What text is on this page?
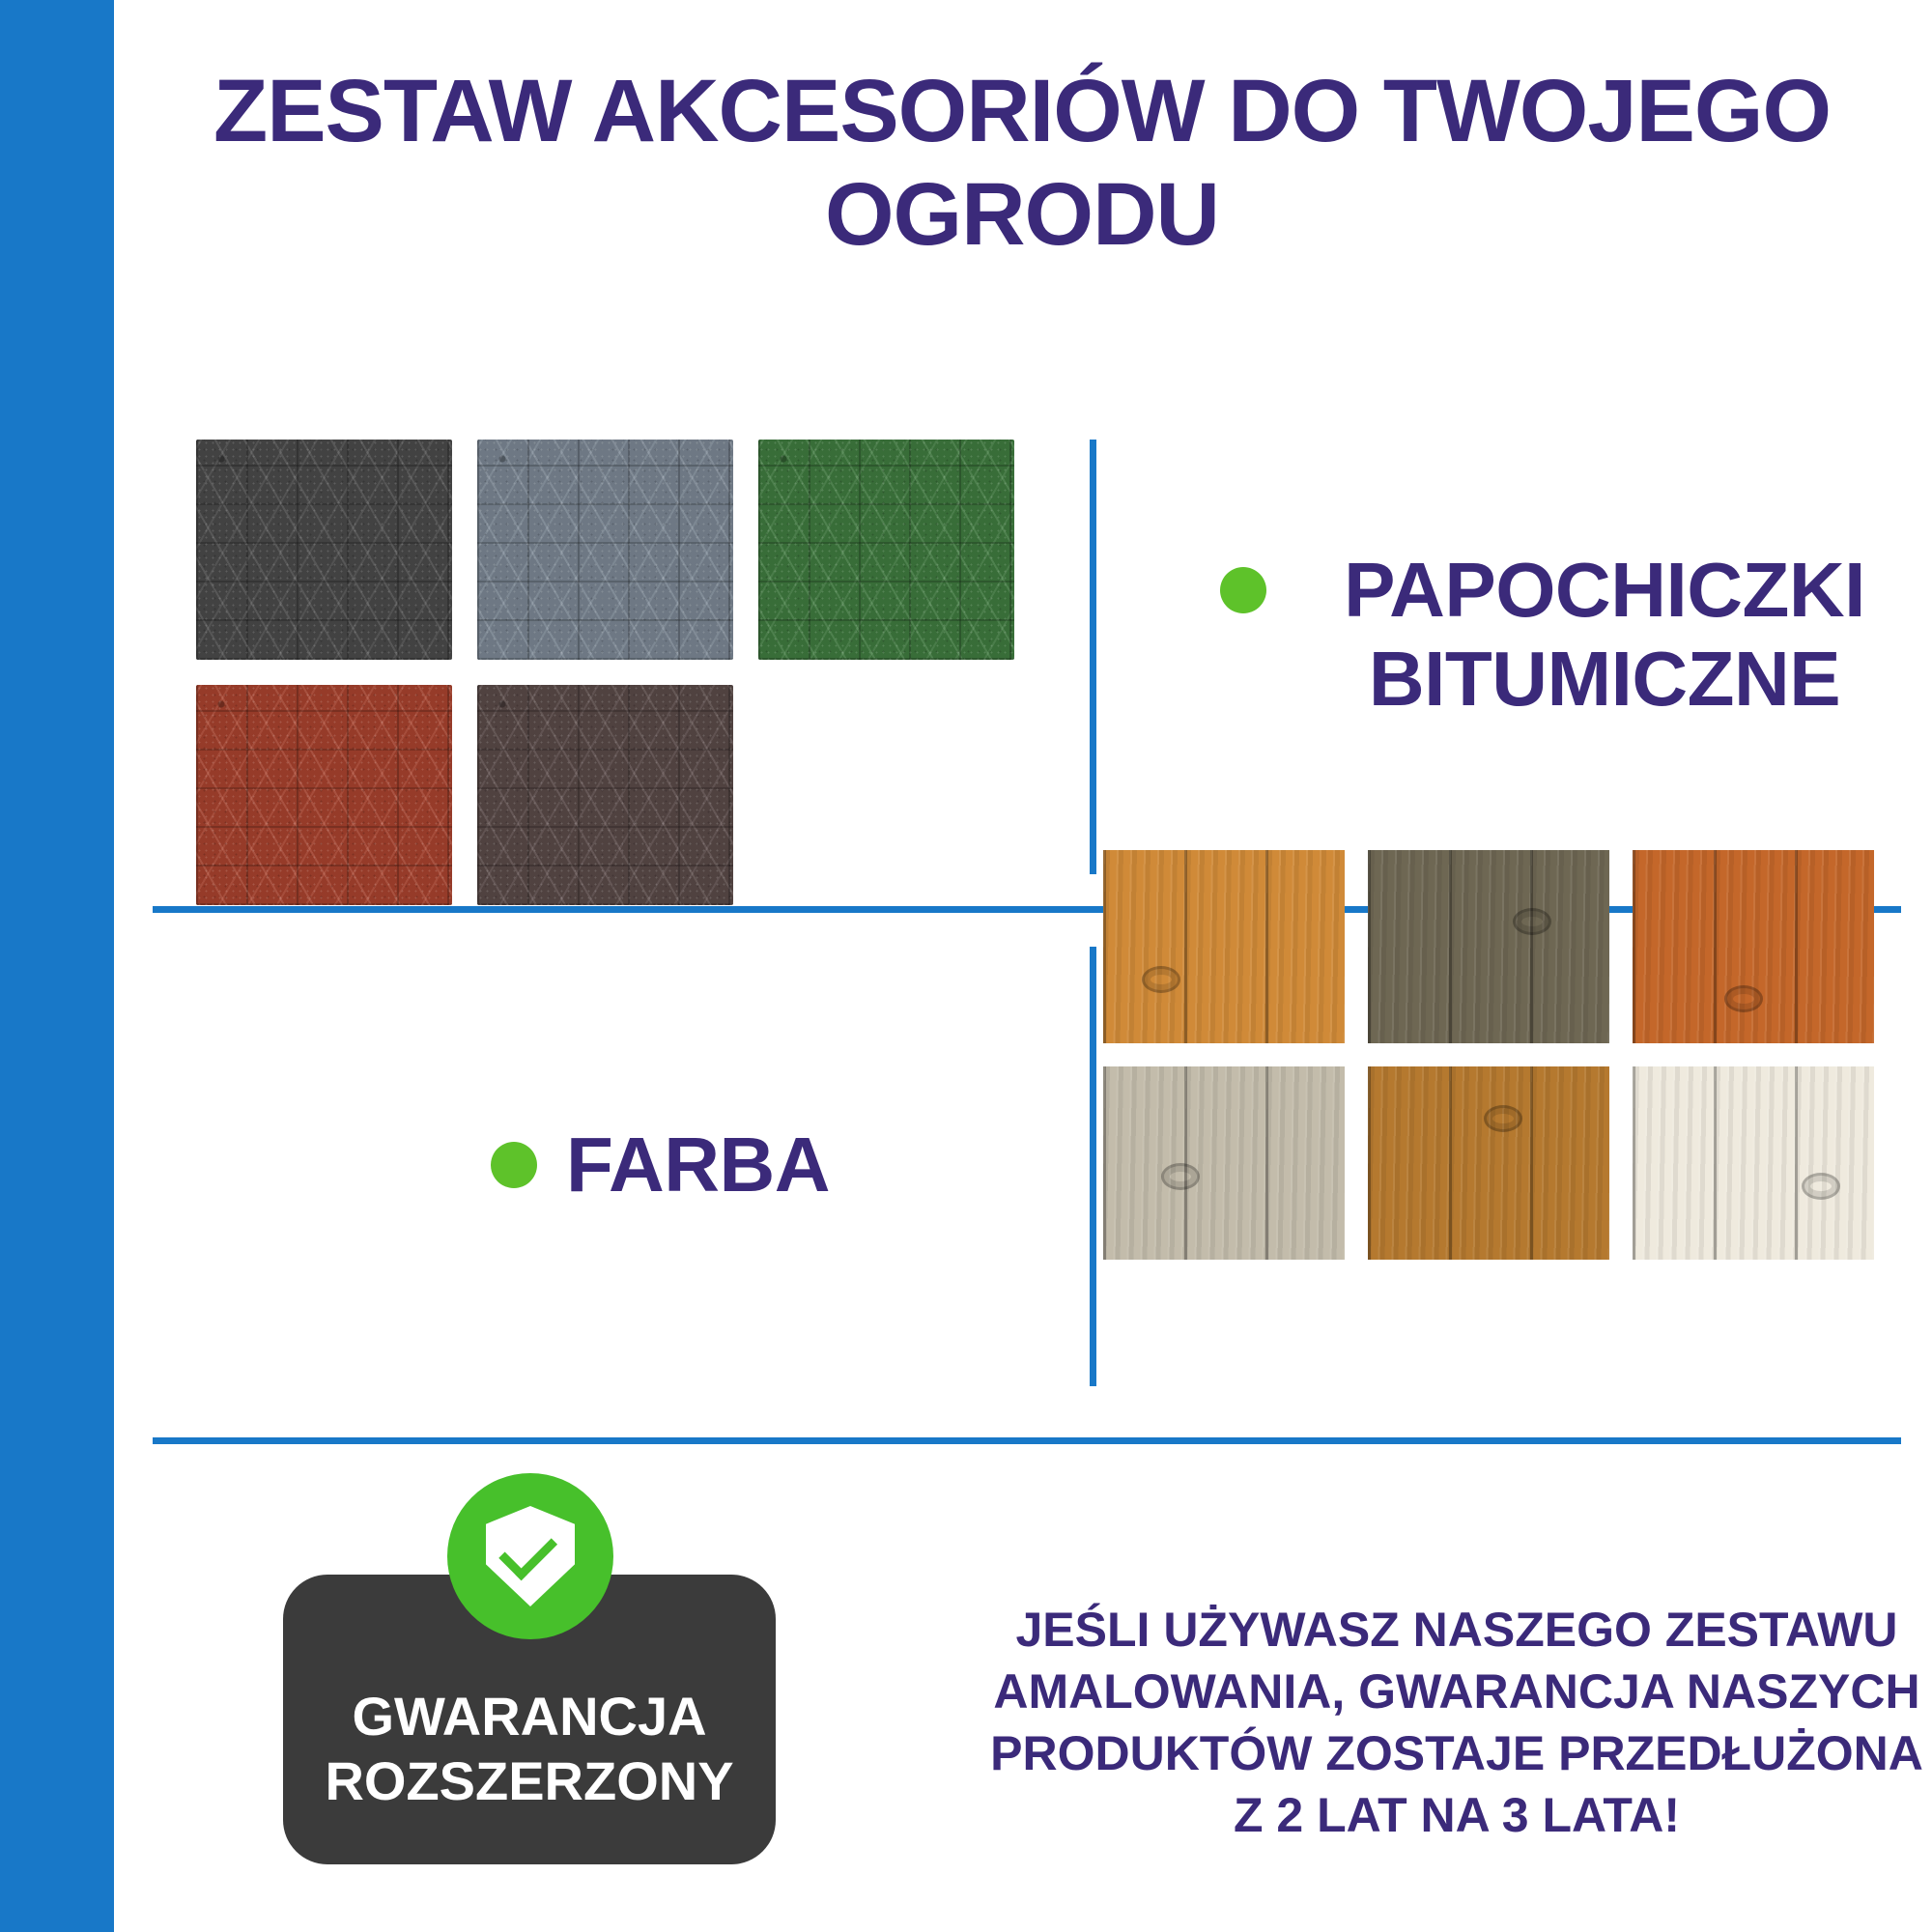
ZESTAW AKCESORIÓW DO TWOJEGO OGRODU
PAPOCHICZKI BITUMICZNE
FARBA
GWARANCJA
ROZSZERZONY
JEŚLI UŻYWASZ NASZEGO ZESTAWU AMALOWANIA, GWARANCJA NASZYCH PRODUKTÓW ZOSTAJE PRZEDŁUŻONA Z 2 LAT NA 3 LATA!
